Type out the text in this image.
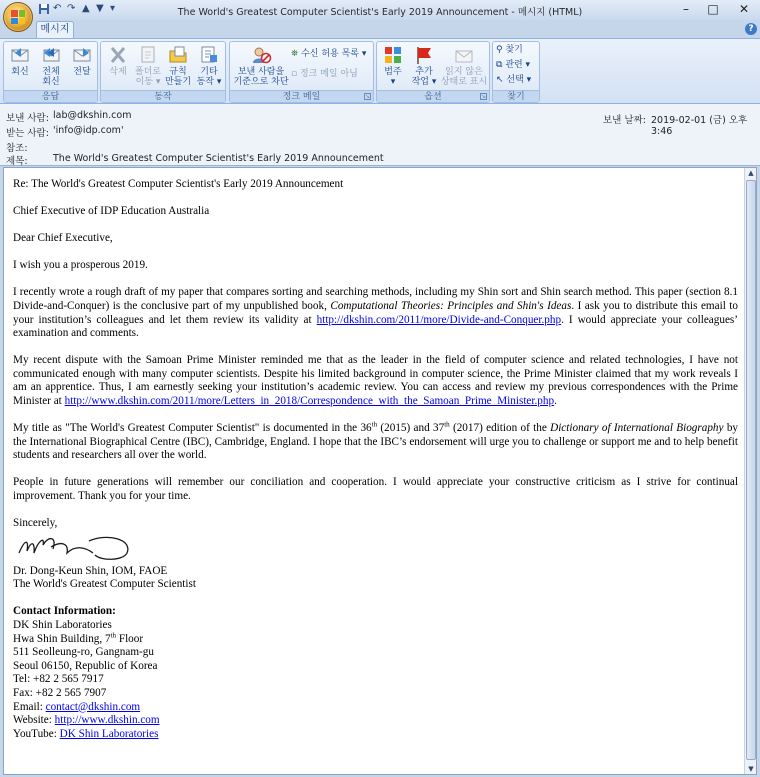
↶ ↷ ▲ ▼ ▾	The World's Greatest Computer Scientist's Early 2019 Announcement - 메시지 (HTML)	–	□	✕
메시지	?
회신	전체
회신
전달
응답
삭제 폴더로
이동 ▾
규칙
만들기
기타
동작 ▾
동작
보낸 사람을
기준으로 차단
⛯ 수신 허용 목록 ▾
▫ 정크 메일 아님
정크 메일	↘
범주
▾
추가
작업 ▾
읽지 않은
상태로 표시
옵션	↘
⚲ 찾기
⧉ 관련 ▾
↖ 선택 ▾
찾기
보낸 사람: lab@dkshin.com
받는 사람: 'info@idp.com'
참조:
제목:	The World's Greatest Computer Scientist's Early 2019 Announcement
보낸 날짜: 2019-02-01 (금) 오후 3:46

Re: The World's Greatest Computer Scientist's Early 2019 Announcement

Chief Executive of IDP Education Australia

Dear Chief Executive,

I wish you a prosperous 2019.

I recently wrote a rough draft of my paper that compares sorting and searching methods, including my Shin sort and Shin search method. This paper (section 8.1 Divide-and-Conquer) is the conclusive part of my unpublished book, Computational Theories: Principles and Shin's Ideas. I ask you to distribute this email to your institution’s colleagues and let them review its validity at http://dkshin.com/2011/more/Divide-and-Conquer.php. I would appreciate your colleagues’ examination and comments.

My recent dispute with the Samoan Prime Minister reminded me that as the leader in the field of computer science and related technologies, I have not communicated enough with many computer scientists. Despite his limited background in computer science, the Prime Minister claimed that my work reveals I am an apprentice. Thus, I am earnestly seeking your institution’s academic review. You can access and review my previous correspondences with the Prime Minister at http://www.dkshin.com/2011/more/Letters_in_2018/Correspondence_with_the_Samoan_Prime_Minister.php.

My title as "The World's Greatest Computer Scientist" is documented in the 36th (2015) and 37th (2017) edition of the Dictionary of International Biography by the International Biographical Centre (IBC), Cambridge, England. I hope that the IBC’s endorsement will urge you to challenge or support me and to help benefit students and researchers all over the world.

People in future generations will remember our conciliation and cooperation. I would appreciate your constructive criticism as I strive for continual improvement. Thank you for your time.

Sincerely,
Dr. Dong-Keun Shin, IOM, FAOE
The World's Greatest Computer Scientist
Contact Information:
DK Shin Laboratories
Hwa Shin Building, 7th Floor
511 Seolleung-ro, Gangnam-gu
Seoul 06150, Republic of Korea
Tel: +82 2 565 7917
Fax: +82 2 565 7907
Email: contact@dkshin.com
Website: http://www.dkshin.com
YouTube: DK Shin Laboratories
▲
▼
